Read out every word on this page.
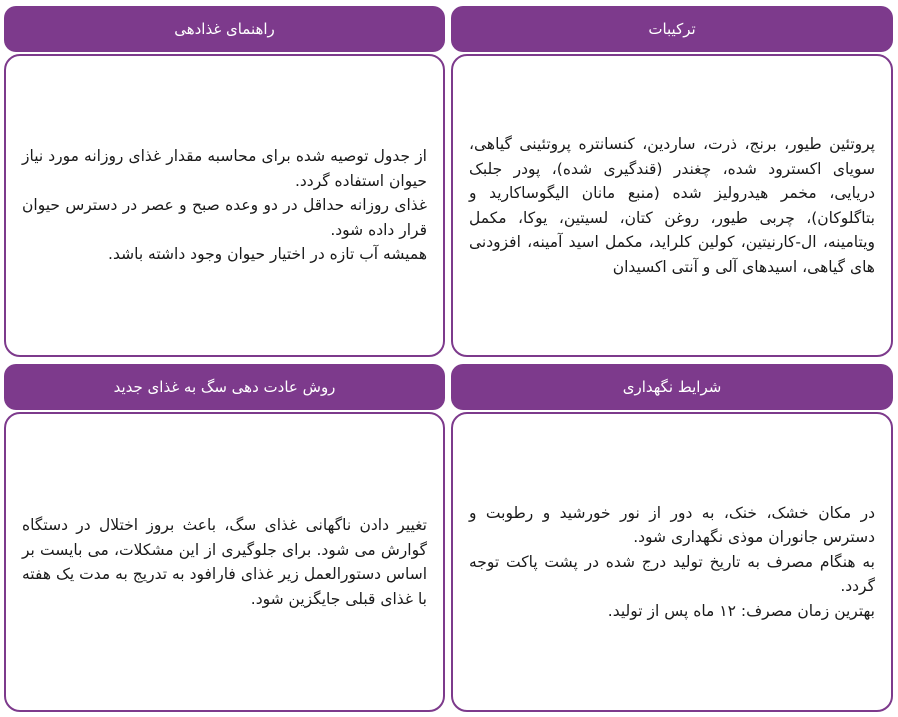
ترکیبات

پروتئین طیور، برنج، ذرت، ساردین، کنسانتره پروتئینی گیاهی، سویای اکسترود شده، چغندر (قندگیری شده)، پودر جلبک دریایی، مخمر هیدرولیز شده (منبع مانان الیگوساکارید و بتاگلوکان)، چربی طیور، روغن کتان، لسیتین، یوکا، مکمل ویتامینه، ال-کارنیتین، کولین کلراید، مکمل اسید آمینه، افزودنی های گیاهی، اسیدهای آلی و آنتی اکسیدان

راهنمای غذادهی

از جدول توصیه شده برای محاسبه مقدار غذای روزانه مورد نیاز حیوان استفاده گردد.

غذای روزانه حداقل در دو وعده صبح و عصر در دسترس حیوان قرار داده شود.

همیشه آب تازه در اختیار حیوان وجود داشته باشد.

شرایط نگهداری

در مکان خشک، خنک، به دور از نور خورشید و رطوبت و دسترس جانوران موذی نگهداری شود.

به هنگام مصرف به تاریخ تولید درج شده در پشت پاکت توجه گردد.

بهترین زمان مصرف: ۱۲ ماه پس از تولید.

روش عادت دهی سگ به غذای جدید

تغییر دادن ناگهانی غذای سگ، باعث بروز اختلال در دستگاه گوارش می شود. برای جلوگیری از این مشکلات، می بایست بر اساس دستورالعمل زیر غذای فارافود به تدریج به مدت یک هفته با غذای قبلی جایگزین شود.
